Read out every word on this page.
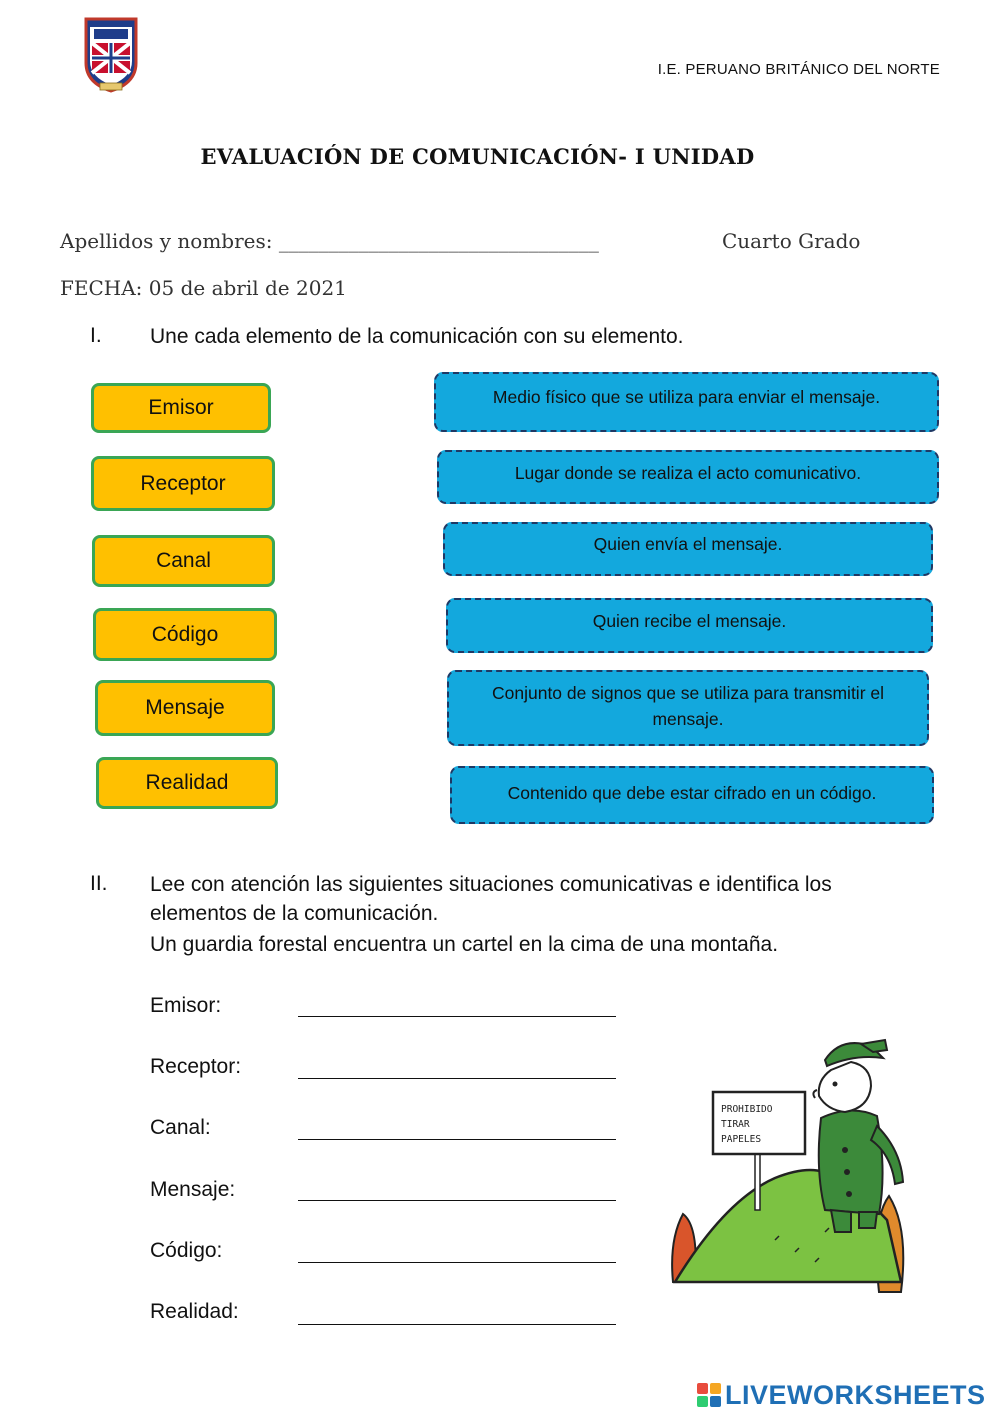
I.E. PERUANO BRITÁNICO DEL NORTE
EVALUACIÓN DE COMUNICACIÓN- I UNIDAD
Apellidos y nombres: ________________________________	Cuarto Grado
FECHA: 05 de abril de 2021
I. Une cada elemento de la comunicación con su elemento.
Emisor
Receptor
Canal
Código
Mensaje
Realidad
Medio físico que se utiliza para enviar el mensaje.
Lugar donde se realiza el acto comunicativo.
Quien envía el mensaje.
Quien recibe el mensaje.
Conjunto de signos que se utiliza para transmitir el mensaje.
Contenido que debe estar cifrado en un código.
II. Lee con atención las siguientes situaciones comunicativas e identifica los
elementos de la comunicación.
Un guardia forestal encuentra un cartel en la cima de una montaña.
Emisor:
Receptor:
Canal:
Mensaje:
Código:
Realidad:
PROHIBIDO
TIRAR
PAPELES
LIVEWORKSHEETS
